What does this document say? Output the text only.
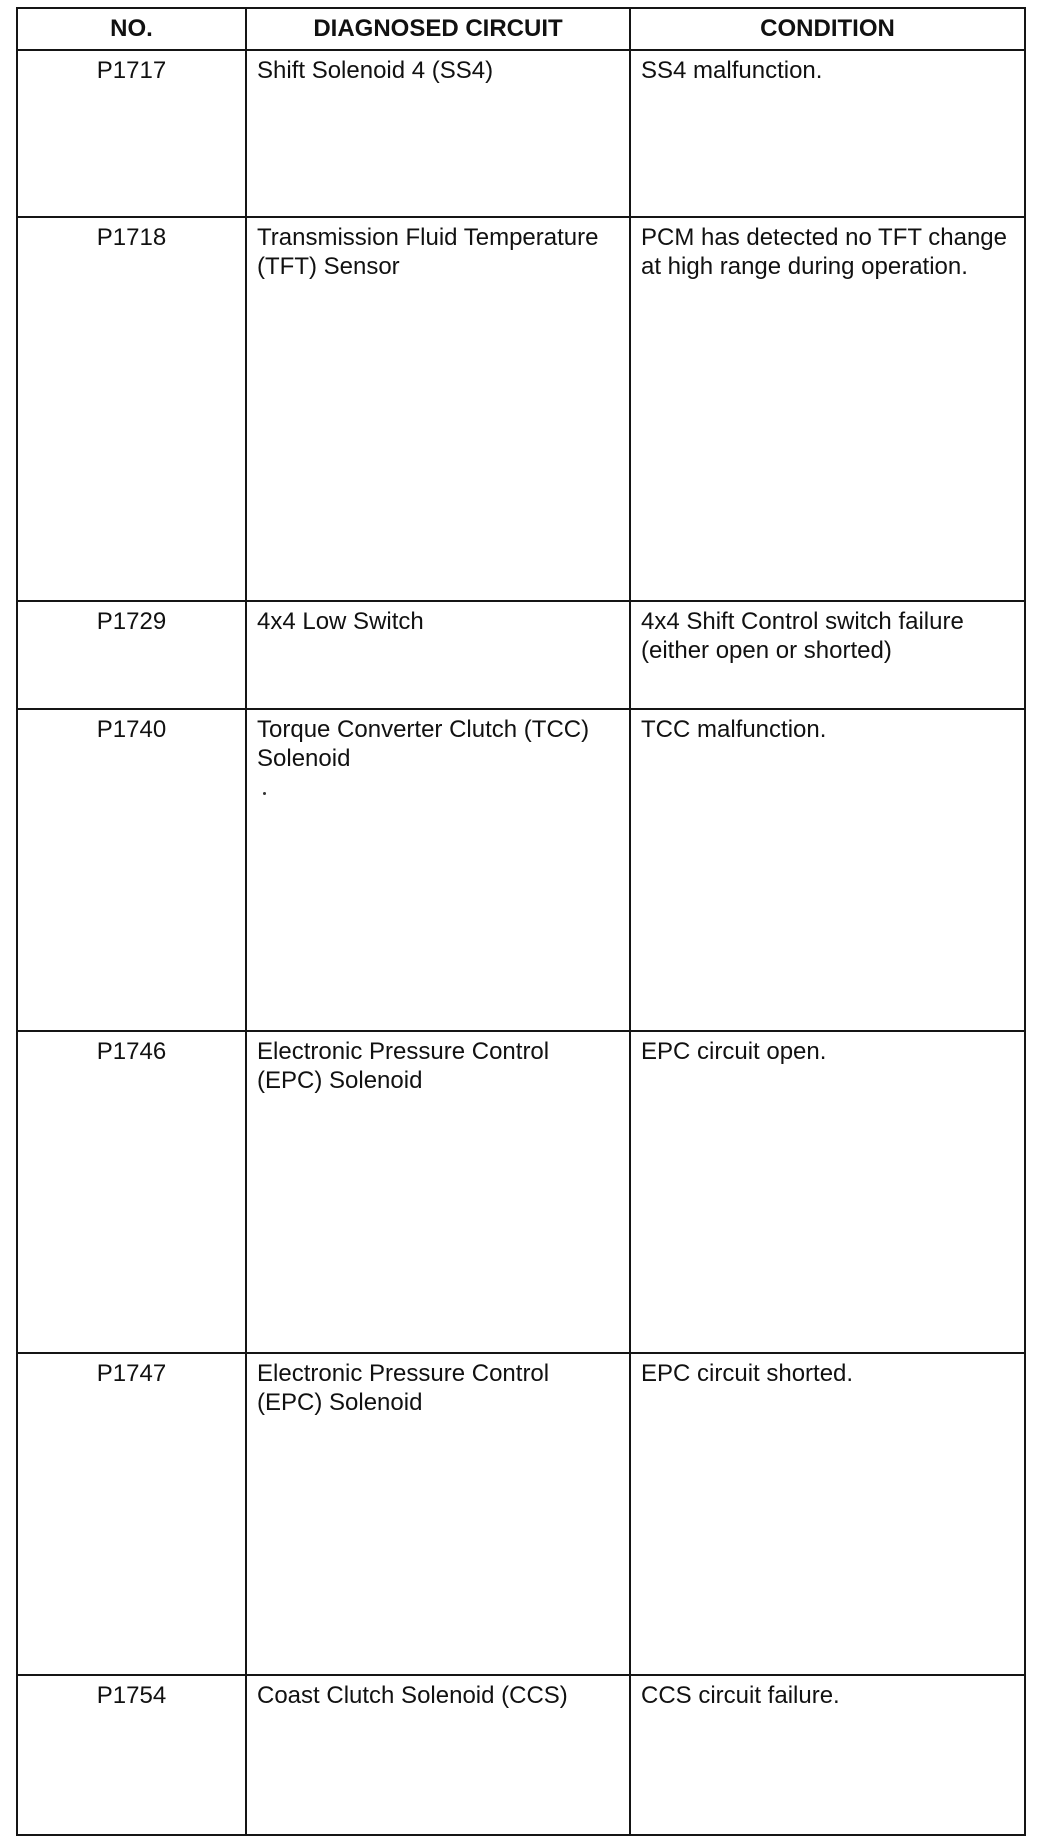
NO.	DIAGNOSED CIRCUIT	CONDITION
P1717	Shift Solenoid 4 (SS4)	SS4 malfunction.
P1718	Transmission Fluid Temperature (TFT) Sensor	PCM has detected no TFT change at high range during operation.
P1729	4x4 Low Switch	4x4 Shift Control switch failure (either open or shorted)
P1740	Torque Converter Clutch (TCC) Solenoid	TCC malfunction.
P1746	Electronic Pressure Control (EPC) Solenoid	EPC circuit open.
P1747	Electronic Pressure Control (EPC) Solenoid	EPC circuit shorted.
P1754	Coast Clutch Solenoid (CCS)	CCS circuit failure.
